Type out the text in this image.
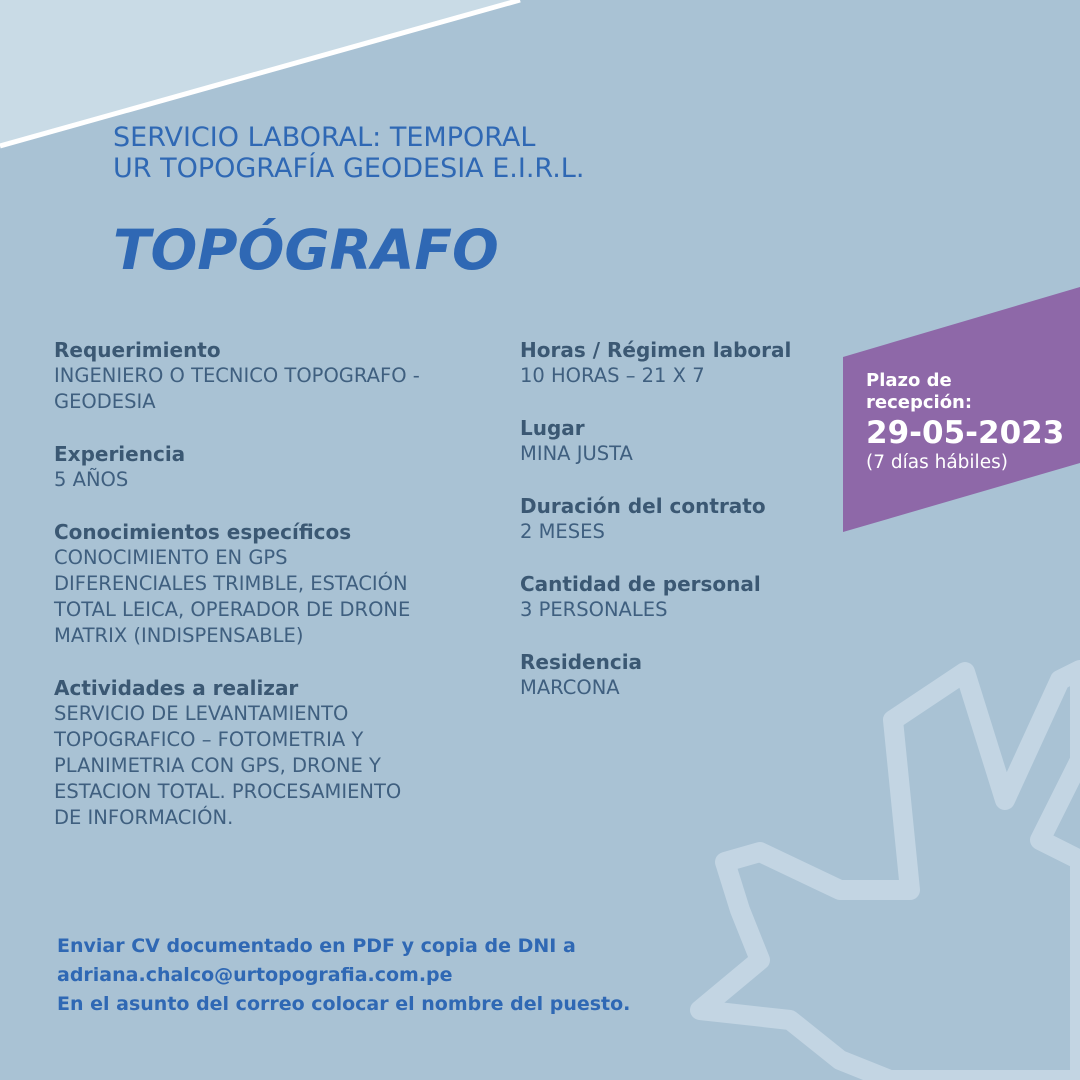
SERVICIO LABORAL: TEMPORAL
UR TOPOGRAFÍA GEODESIA E.I.R.L.
TOPÓGRAFO
Requerimiento
INGENIERO O TECNICO TOPOGRAFO -
GEODESIA
Experiencia
5 AÑOS
Conocimientos específicos
CONOCIMIENTO EN GPS
DIFERENCIALES TRIMBLE, ESTACIÓN
TOTAL LEICA, OPERADOR DE DRONE
MATRIX (INDISPENSABLE)
Actividades a realizar
SERVICIO DE LEVANTAMIENTO
TOPOGRAFICO – FOTOMETRIA Y
PLANIMETRIA CON GPS, DRONE Y
ESTACION TOTAL. PROCESAMIENTO
DE INFORMACIÓN.
Horas / Régimen laboral
10 HORAS – 21 X 7
Lugar
MINA JUSTA
Duración del contrato
2 MESES
Cantidad de personal
3 PERSONALES
Residencia
MARCONA
Plazo de
recepción:
29-05-2023
(7 días hábiles)
Enviar CV documentado en PDF y copia de DNI a
adriana.chalco@urtopografia.com.pe
En el asunto del correo colocar el nombre del puesto.
